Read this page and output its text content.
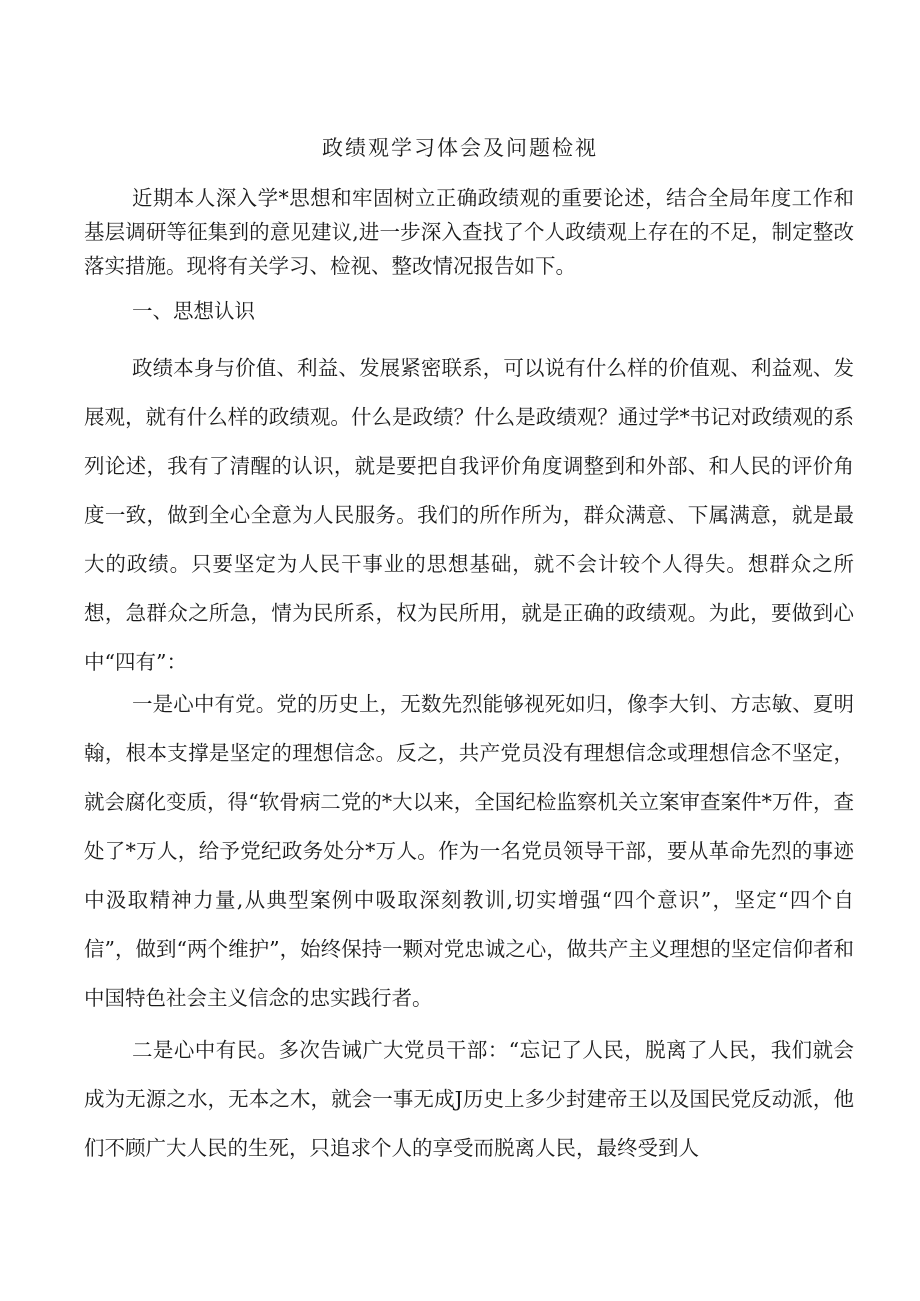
政绩观学习体会及问题检视

近期本人深入学*思想和牢固树立正确政绩观的重要论述，结合全局年度工作和基层调研等征集到的意见建议,进一步深入查找了个人政绩观上存在的不足，制定整改落实措施。现将有关学习、检视、整改情况报告如下。

一、思想认识

政绩本身与价值、利益、发展紧密联系，可以说有什么样的价值观、利益观、发展观，就有什么样的政绩观。什么是政绩？什么是政绩观？通过学*书记对政绩观的系列论述，我有了清醒的认识，就是要把自我评价角度调整到和外部、和人民的评价角度一致，做到全心全意为人民服务。我们的所作所为，群众满意、下属满意，就是最大的政绩。只要坚定为人民干事业的思想基础，就不会计较个人得失。想群众之所想，急群众之所急，情为民所系，权为民所用，就是正确的政绩观。为此，要做到心中“四有”：

一是心中有党。党的历史上，无数先烈能够视死如归，像李大钊、方志敏、夏明翰，根本支撑是坚定的理想信念。反之，共产党员没有理想信念或理想信念不坚定，就会腐化变质，得“软骨病二党的*大以来，全国纪检监察机关立案审查案件*万件，查处了*万人，给予党纪政务处分*万人。作为一名党员领导干部，要从革命先烈的事迹中汲取精神力量,从典型案例中吸取深刻教训,切实增强“四个意识”，坚定“四个自信”，做到“两个维护”，始终保持一颗对党忠诚之心，做共产主义理想的坚定信仰者和中国特色社会主义信念的忠实践行者。

二是心中有民。多次告诫广大党员干部：“忘记了人民，脱离了人民，我们就会成为无源之水，无本之木，就会一事无成J历史上多少封建帝王以及国民党反动派，他们不顾广大人民的生死，只追求个人的享受而脱离人民，最终受到人
